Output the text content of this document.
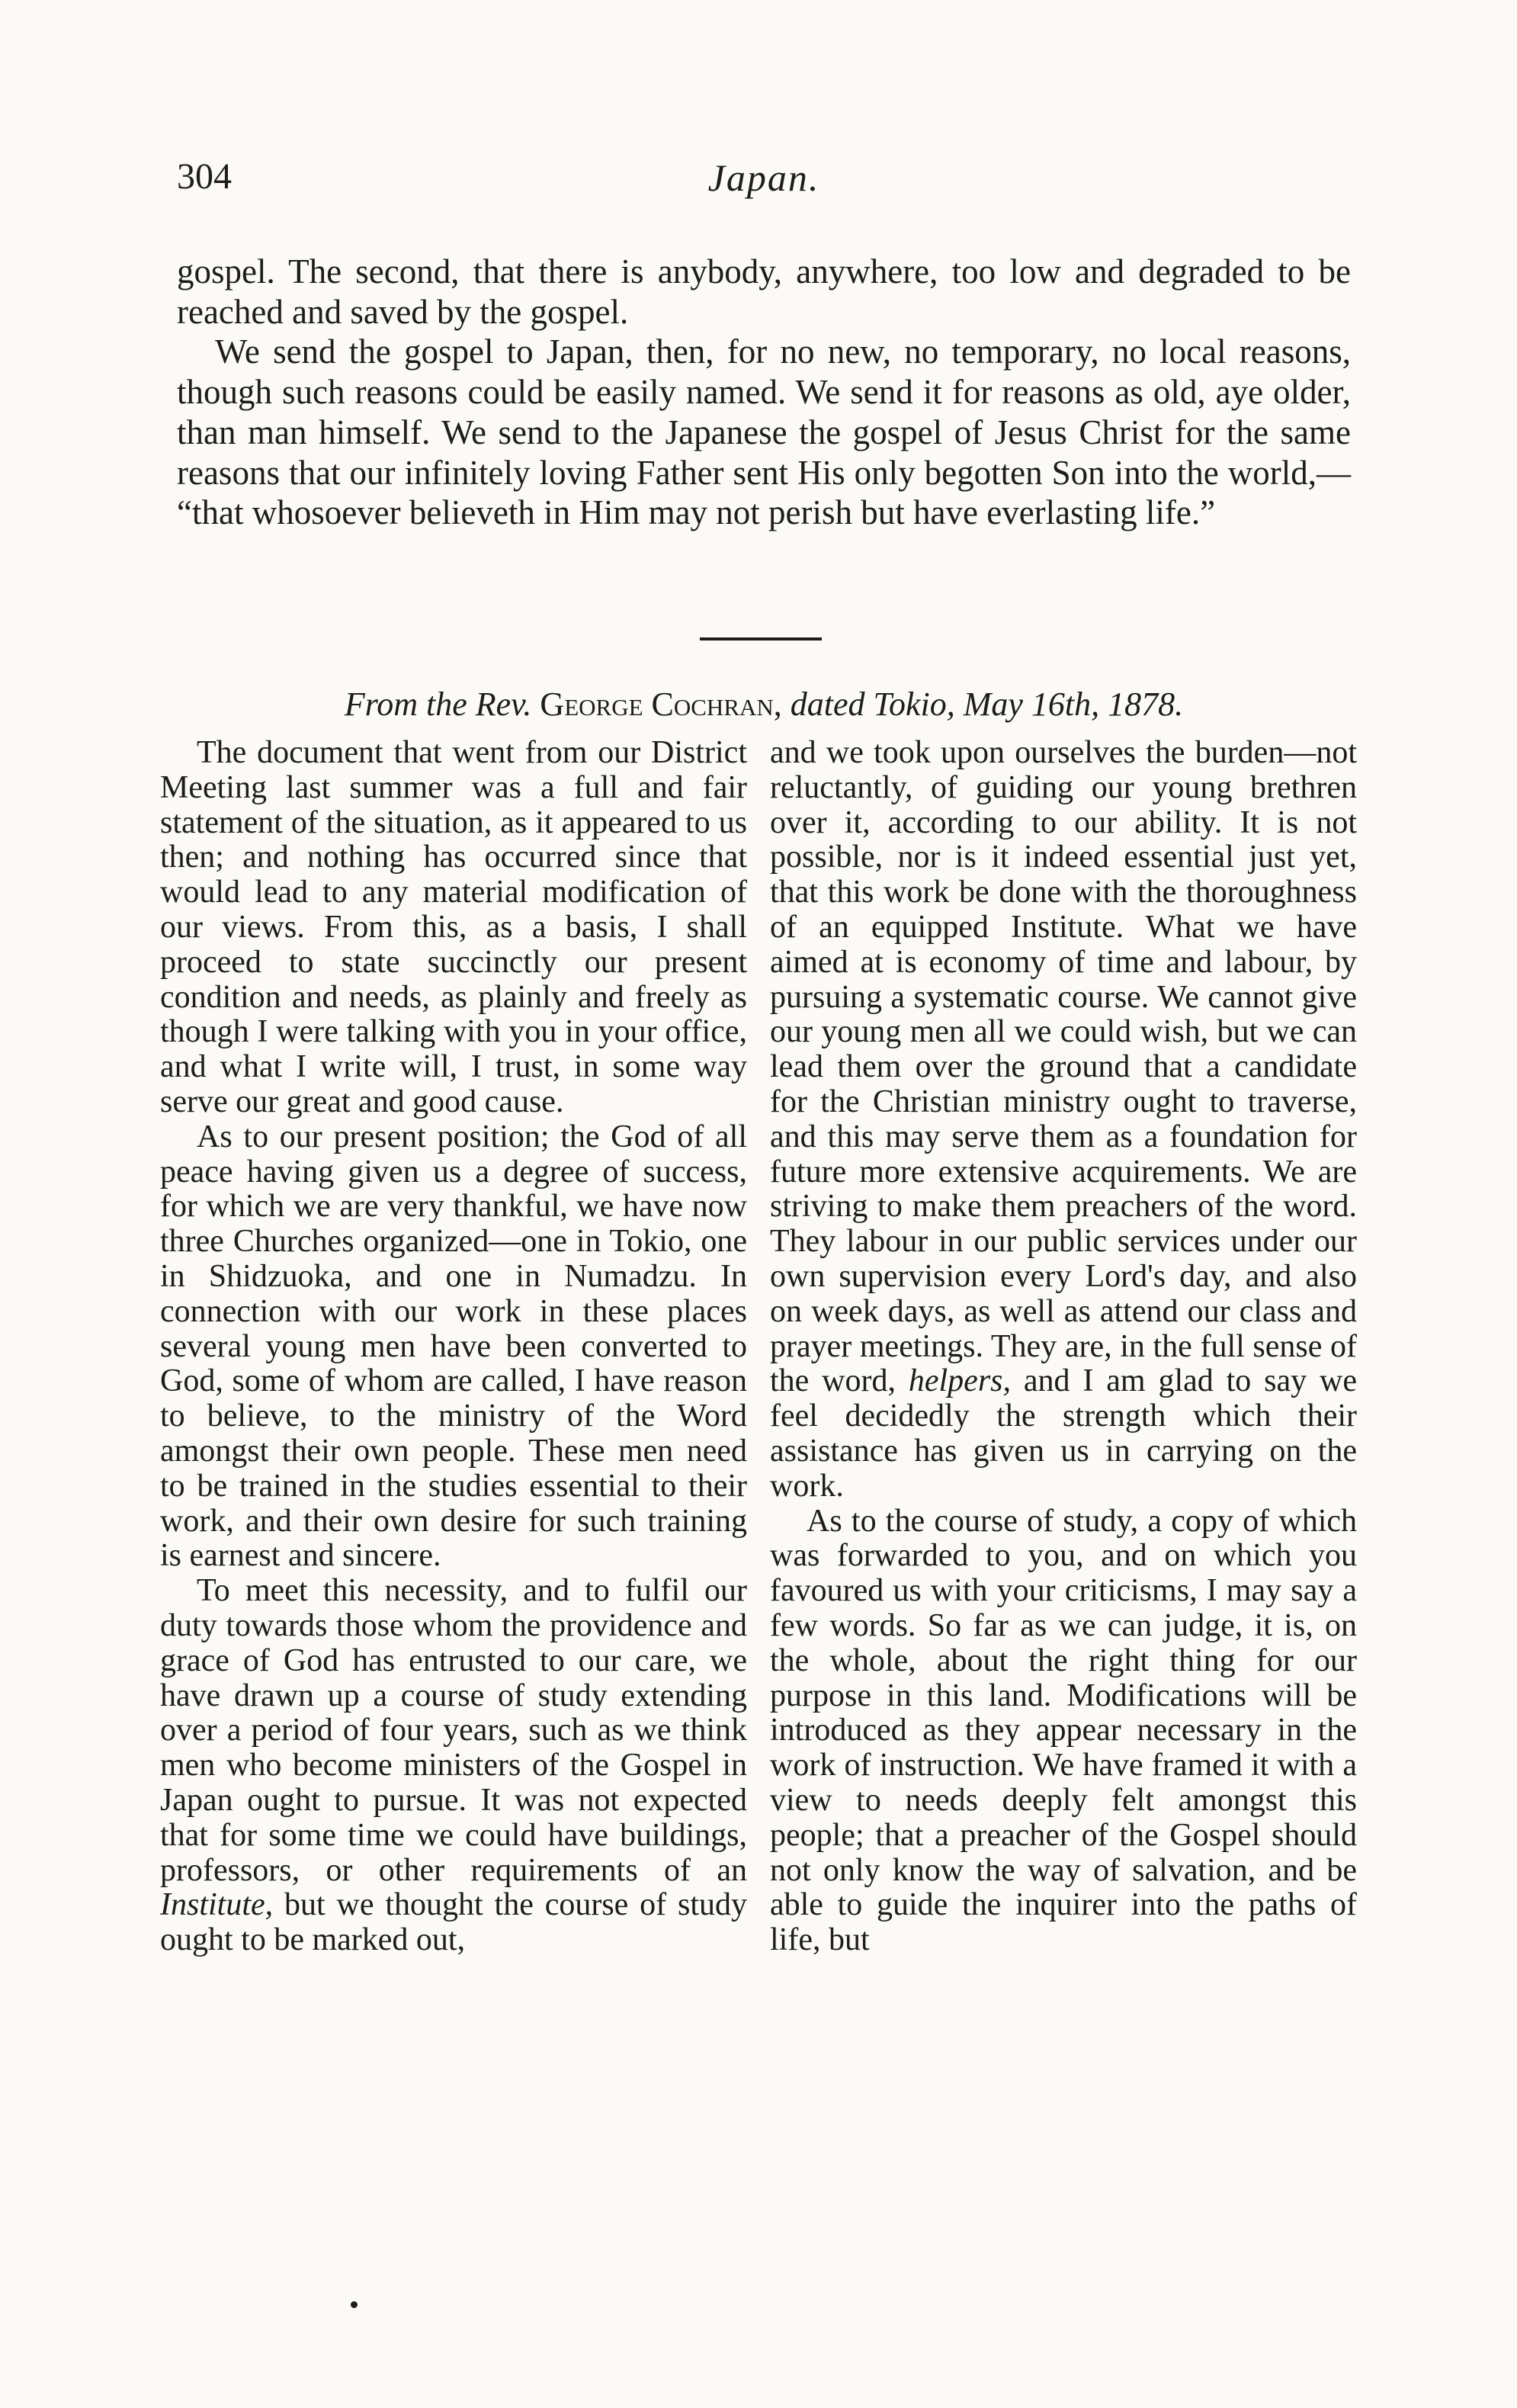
304	Japan.

gospel. The second, that there is anybody, anywhere, too low and degraded to be reached and saved by the gospel.

We send the gospel to Japan, then, for no new, no temporary, no local reasons, though such reasons could be easily named. We send it for reasons as old, aye older, than man himself. We send to the Japanese the gospel of Jesus Christ for the same reasons that our infinitely loving Father sent His only begotten Son into the world,— “that whosoever believeth in Him may not perish but have everlasting life.”

From the Rev. George Cochran, dated Tokio, May 16th, 1878.

The document that went from our District Meeting last summer was a full and fair statement of the situation, as it appeared to us then; and nothing has occurred since that would lead to any material modification of our views. From this, as a basis, I shall proceed to state succinctly our present condition and needs, as plainly and freely as though I were talking with you in your office, and what I write will, I trust, in some way serve our great and good cause.

As to our present position; the God of all peace having given us a degree of success, for which we are very thankful, we have now three Churches organized—one in Tokio, one in Shidzuoka, and one in Numadzu. In connection with our work in these places several young men have been converted to God, some of whom are called, I have reason to believe, to the ministry of the Word amongst their own people. These men need to be trained in the studies essential to their work, and their own desire for such training is earnest and sincere.

To meet this necessity, and to fulfil our duty towards those whom the providence and grace of God has entrusted to our care, we have drawn up a course of study extending over a period of four years, such as we think men who become ministers of the Gospel in Japan ought to pursue. It was not expected that for some time we could have buildings, professors, or other requirements of an Institute, but we thought the course of study ought to be marked out,

and we took upon ourselves the burden—not reluctantly, of guiding our young brethren over it, according to our ability. It is not possible, nor is it indeed essential just yet, that this work be done with the thoroughness of an equipped Institute. What we have aimed at is economy of time and labour, by pursuing a systematic course. We cannot give our young men all we could wish, but we can lead them over the ground that a candidate for the Christian ministry ought to traverse, and this may serve them as a foundation for future more extensive acquirements. We are striving to make them preachers of the word. They labour in our public services under our own supervision every Lord's day, and also on week days, as well as attend our class and prayer meetings. They are, in the full sense of the word, helpers, and I am glad to say we feel decidedly the strength which their assistance has given us in carrying on the work.

As to the course of study, a copy of which was forwarded to you, and on which you favoured us with your criticisms, I may say a few words. So far as we can judge, it is, on the whole, about the right thing for our purpose in this land. Modifications will be introduced as they appear necessary in the work of instruction. We have framed it with a view to needs deeply felt amongst this people; that a preacher of the Gospel should not only know the way of salvation, and be able to guide the inquirer into the paths of life, but
